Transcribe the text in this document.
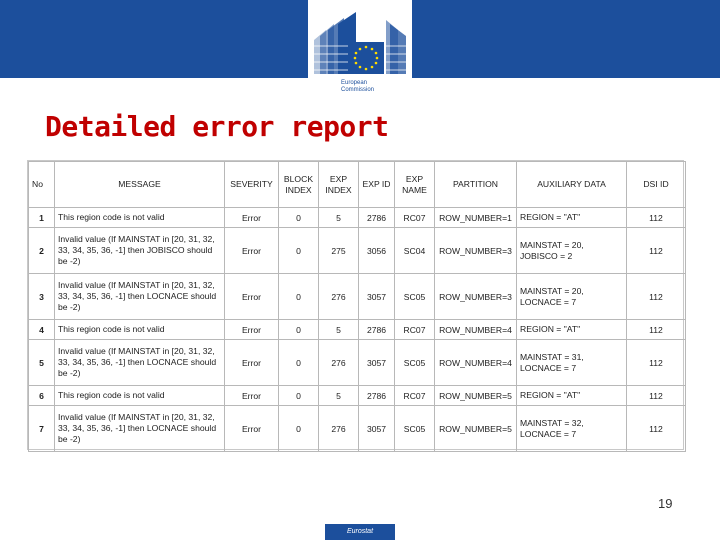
European
Commission
Detailed error report
No	MESSAGE	SEVERITY	BLOCK INDEX	EXP INDEX	EXP ID	EXP NAME	PARTITION	AUXILIARY DATA	DSI ID
1	This region code is not valid	Error	0	5	2786	RC07	ROW_NUMBER=1	REGION = "AT"	112
2	Invalid value (If MAINSTAT in [20, 31, 32, 33, 34, 35, 36, -1] then JOBISCO should be -2)	Error	0	275	3056	SC04	ROW_NUMBER=3	MAINSTAT = 20, JOBISCO = 2	112
3	Invalid value (If MAINSTAT in [20, 31, 32, 33, 34, 35, 36, -1] then LOCNACE should be -2)	Error	0	276	3057	SC05	ROW_NUMBER=3	MAINSTAT = 20, LOCNACE = 7	112
4	This region code is not valid	Error	0	5	2786	RC07	ROW_NUMBER=4	REGION = "AT"	112
5	Invalid value (If MAINSTAT in [20, 31, 32, 33, 34, 35, 36, -1] then LOCNACE should be -2)	Error	0	276	3057	SC05	ROW_NUMBER=4	MAINSTAT = 31, LOCNACE = 7	112
6	This region code is not valid	Error	0	5	2786	RC07	ROW_NUMBER=5	REGION = "AT"	112
7	Invalid value (If MAINSTAT in [20, 31, 32, 33, 34, 35, 36, -1] then LOCNACE should be -2)	Error	0	276	3057	SC05	ROW_NUMBER=5	MAINSTAT = 32, LOCNACE = 7	112
19
Eurostat
